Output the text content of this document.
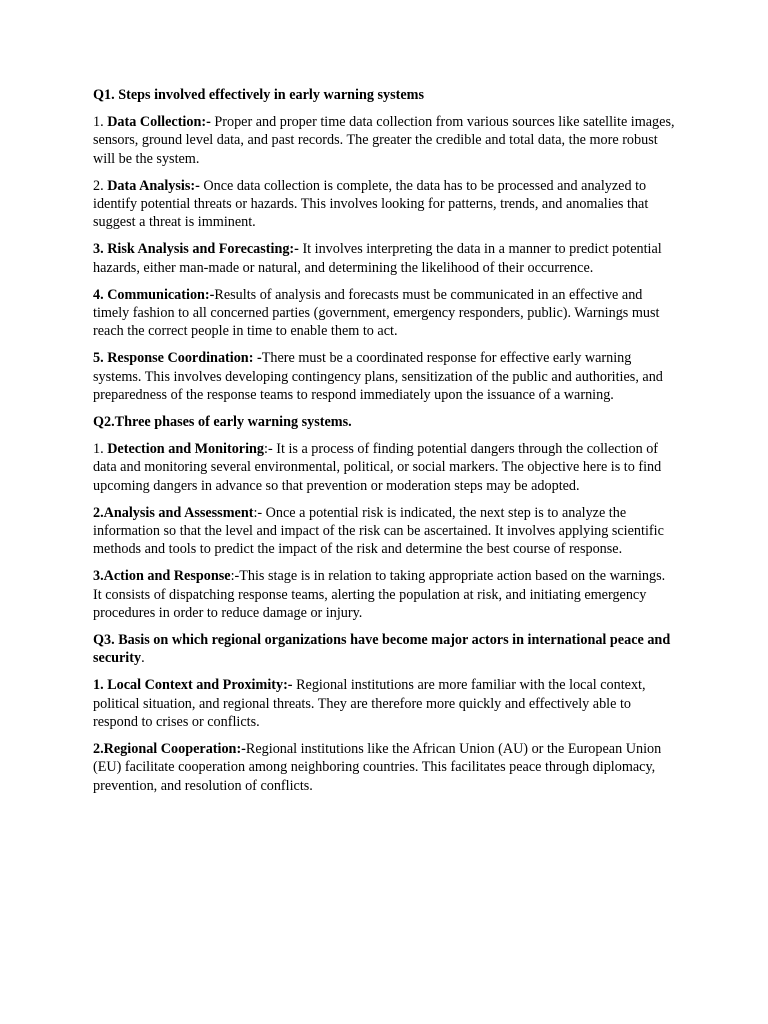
Q1. Steps involved effectively in early warning systems

1. Data Collection:- Proper and proper time data collection from various sources like satellite images, sensors, ground level data, and past records. The greater the credible and total data, the more robust will be the system.

2. Data Analysis:- Once data collection is complete, the data has to be processed and analyzed to identify potential threats or hazards. This involves looking for patterns, trends, and anomalies that suggest a threat is imminent.

3. Risk Analysis and Forecasting:- It involves interpreting the data in a manner to predict potential hazards, either man-made or natural, and determining the likelihood of their occurrence.

4. Communication:-Results of analysis and forecasts must be communicated in an effective and timely fashion to all concerned parties (government, emergency responders, public). Warnings must reach the correct people in time to enable them to act.

5. Response Coordination: -There must be a coordinated response for effective early warning systems. This involves developing contingency plans, sensitization of the public and authorities, and preparedness of the response teams to respond immediately upon the issuance of a warning.

Q2.Three phases of early warning systems.

1. Detection and Monitoring:- It is a process of finding potential dangers through the collection of data and monitoring several environmental, political, or social markers. The objective here is to find upcoming dangers in advance so that prevention or moderation steps may be adopted.

2.Analysis and Assessment:- Once a potential risk is indicated, the next step is to analyze the information so that the level and impact of the risk can be ascertained. It involves applying scientific methods and tools to predict the impact of the risk and determine the best course of response.

3.Action and Response:-This stage is in relation to taking appropriate action based on the warnings. It consists of dispatching response teams, alerting the population at risk, and initiating emergency procedures in order to reduce damage or injury.

Q3. Basis on which regional organizations have become major actors in international peace and security.

1. Local Context and Proximity:- Regional institutions are more familiar with the local context, political situation, and regional threats. They are therefore more quickly and effectively able to respond to crises or conflicts.

2.Regional Cooperation:-Regional institutions like the African Union (AU) or the European Union (EU) facilitate cooperation among neighboring countries. This facilitates peace through diplomacy, prevention, and resolution of conflicts.
